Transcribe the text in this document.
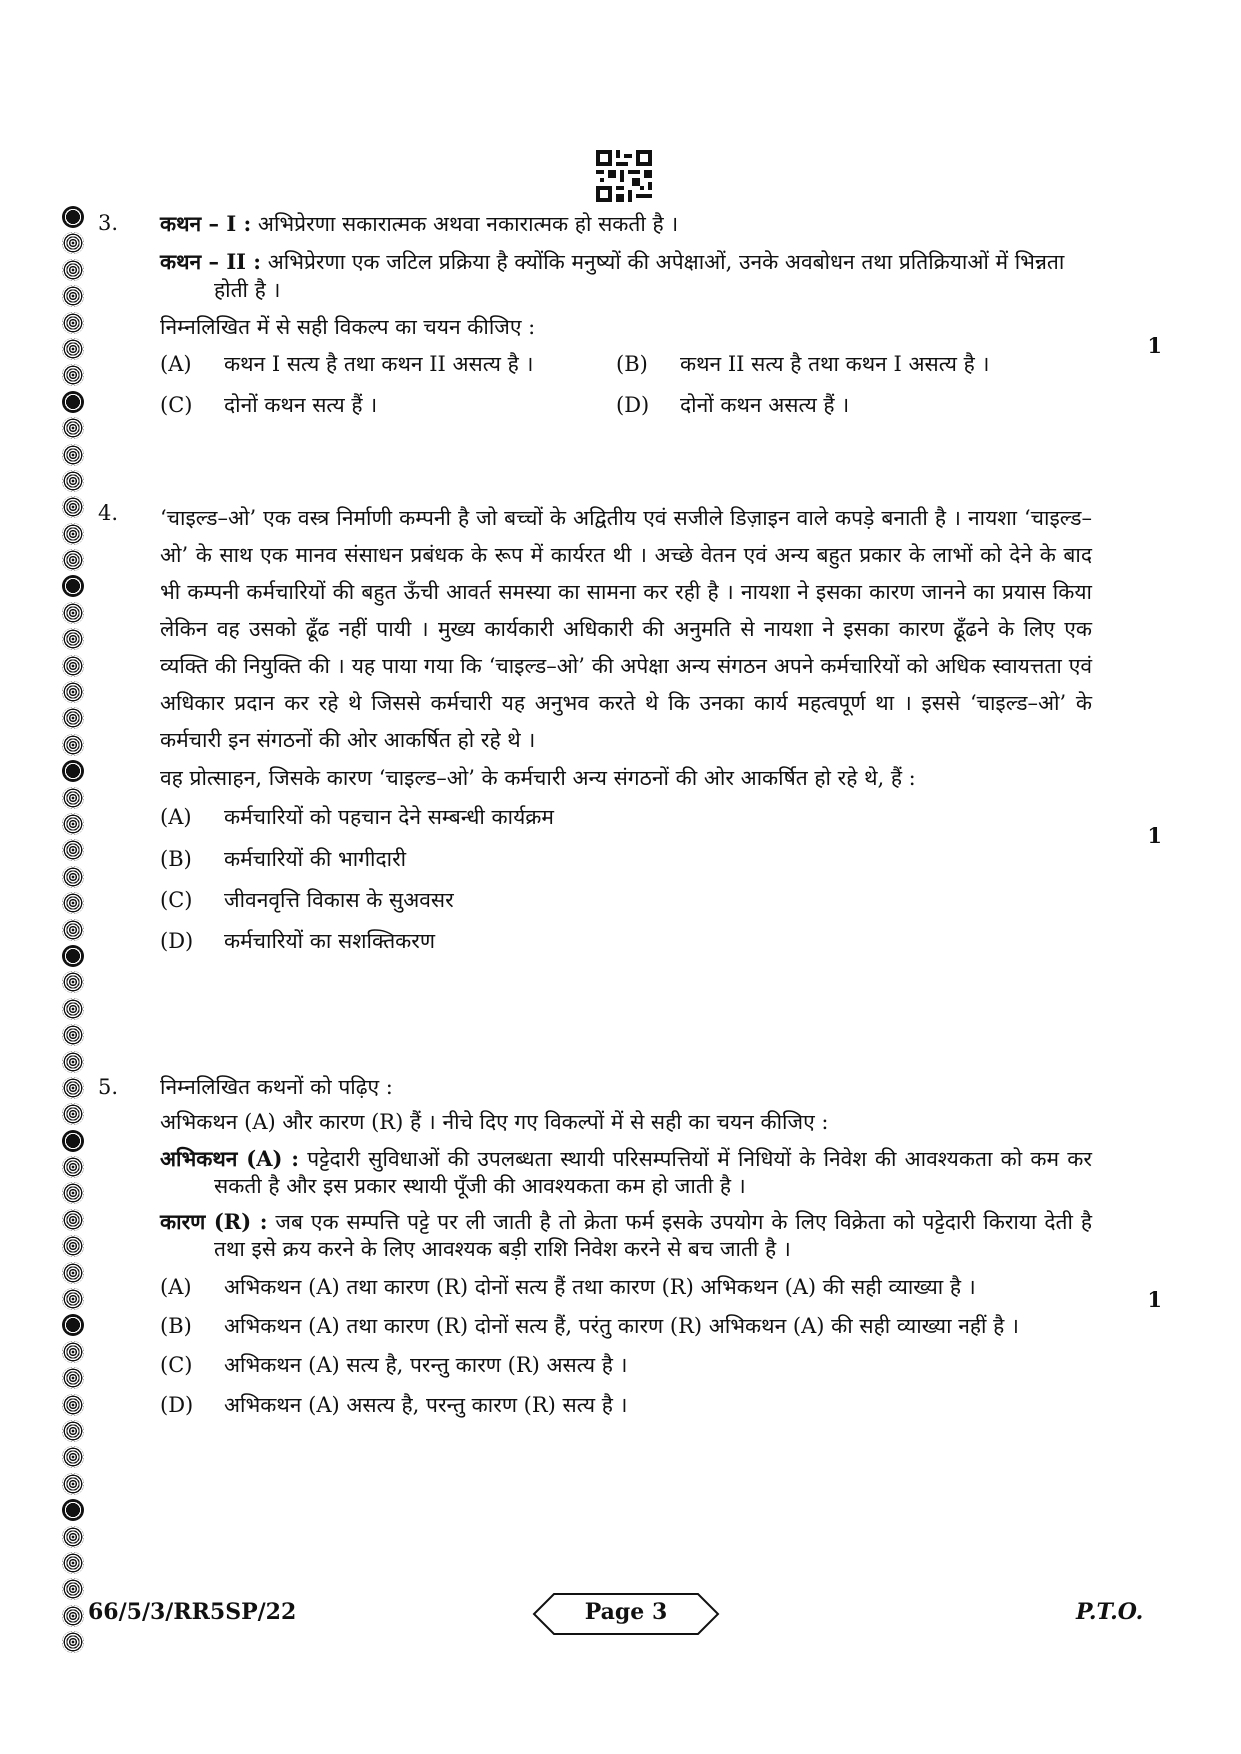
3.	कथन – I : अभिप्रेरणा सकारात्मक अथवा नकारात्मक हो सकती है ।

कथन – II : अभिप्रेरणा एक जटिल प्रक्रिया है क्योंकि मनुष्यों की अपेक्षाओं, उनके अवबोधन तथा प्रतिक्रियाओं में भिन्नता होती है ।

निम्नलिखित में से सही विकल्प का चयन कीजिए :

(A) कथन I सत्य है तथा कथन II असत्य है ।	(B) कथन II सत्य है तथा कथन I असत्य है ।
(C) दोनों कथन सत्य हैं ।	(D) दोनों कथन असत्य हैं ।
1
4.	‘चाइल्ड–ओ’ एक वस्त्र निर्माणी कम्पनी है जो बच्चों के अद्वितीय एवं सजीले डिज़ाइन वाले कपड़े बनाती है । नायशा ‘चाइल्ड–ओ’ के साथ एक मानव संसाधन प्रबंधक के रूप में कार्यरत थी । अच्छे वेतन एवं अन्य बहुत प्रकार के लाभों को देने के बाद भी कम्पनी कर्मचारियों की बहुत ऊँची आवर्त समस्या का सामना कर रही है । नायशा ने इसका कारण जानने का प्रयास किया लेकिन वह उसको ढूँढ नहीं पायी । मुख्य कार्यकारी अधिकारी की अनुमति से नायशा ने इसका कारण ढूँढने के लिए एक व्यक्ति की नियुक्ति की । यह पाया गया कि ‘चाइल्ड–ओ’ की अपेक्षा अन्य संगठन अपने कर्मचारियों को अधिक स्वायत्तता एवं अधिकार प्रदान कर रहे थे जिससे कर्मचारी यह अनुभव करते थे कि उनका कार्य महत्वपूर्ण था । इससे ‘चाइल्ड–ओ’ के कर्मचारी इन संगठनों की ओर आकर्षित हो रहे थे ।

वह प्रोत्साहन, जिसके कारण ‘चाइल्ड–ओ’ के कर्मचारी अन्य संगठनों की ओर आकर्षित हो रहे थे, हैं :

(A) कर्मचारियों को पहचान देने सम्बन्धी कार्यक्रम

(B) कर्मचारियों की भागीदारी

(C) जीवनवृत्ति विकास के सुअवसर

(D) कर्मचारियों का सशक्तिकरण

1
5.	निम्नलिखित कथनों को पढ़िए :

अभिकथन (A) और कारण (R) हैं । नीचे दिए गए विकल्पों में से सही का चयन कीजिए :

अभिकथन (A) : पट्टेदारी सुविधाओं की उपलब्धता स्थायी परिसम्पत्तियों में निधियों के निवेश की आवश्यकता को कम कर सकती है और इस प्रकार स्थायी पूँजी की आवश्यकता कम हो जाती है ।

कारण (R) : जब एक सम्पत्ति पट्टे पर ली जाती है तो क्रेता फर्म इसके उपयोग के लिए विक्रेता को पट्टेदारी किराया देती है तथा इसे क्रय करने के लिए आवश्यक बड़ी राशि निवेश करने से बच जाती है ।

(A) अभिकथन (A) तथा कारण (R) दोनों सत्य हैं तथा कारण (R) अभिकथन (A) की सही व्याख्या है ।

(B) अभिकथन (A) तथा कारण (R) दोनों सत्य हैं, परंतु कारण (R) अभिकथन (A) की सही व्याख्या नहीं है ।

(C) अभिकथन (A) सत्य है, परन्तु कारण (R) असत्य है ।

(D) अभिकथन (A) असत्य है, परन्तु कारण (R) सत्य है ।

1
66/5/3/RR5SP/22	Page 3	P.T.O.
